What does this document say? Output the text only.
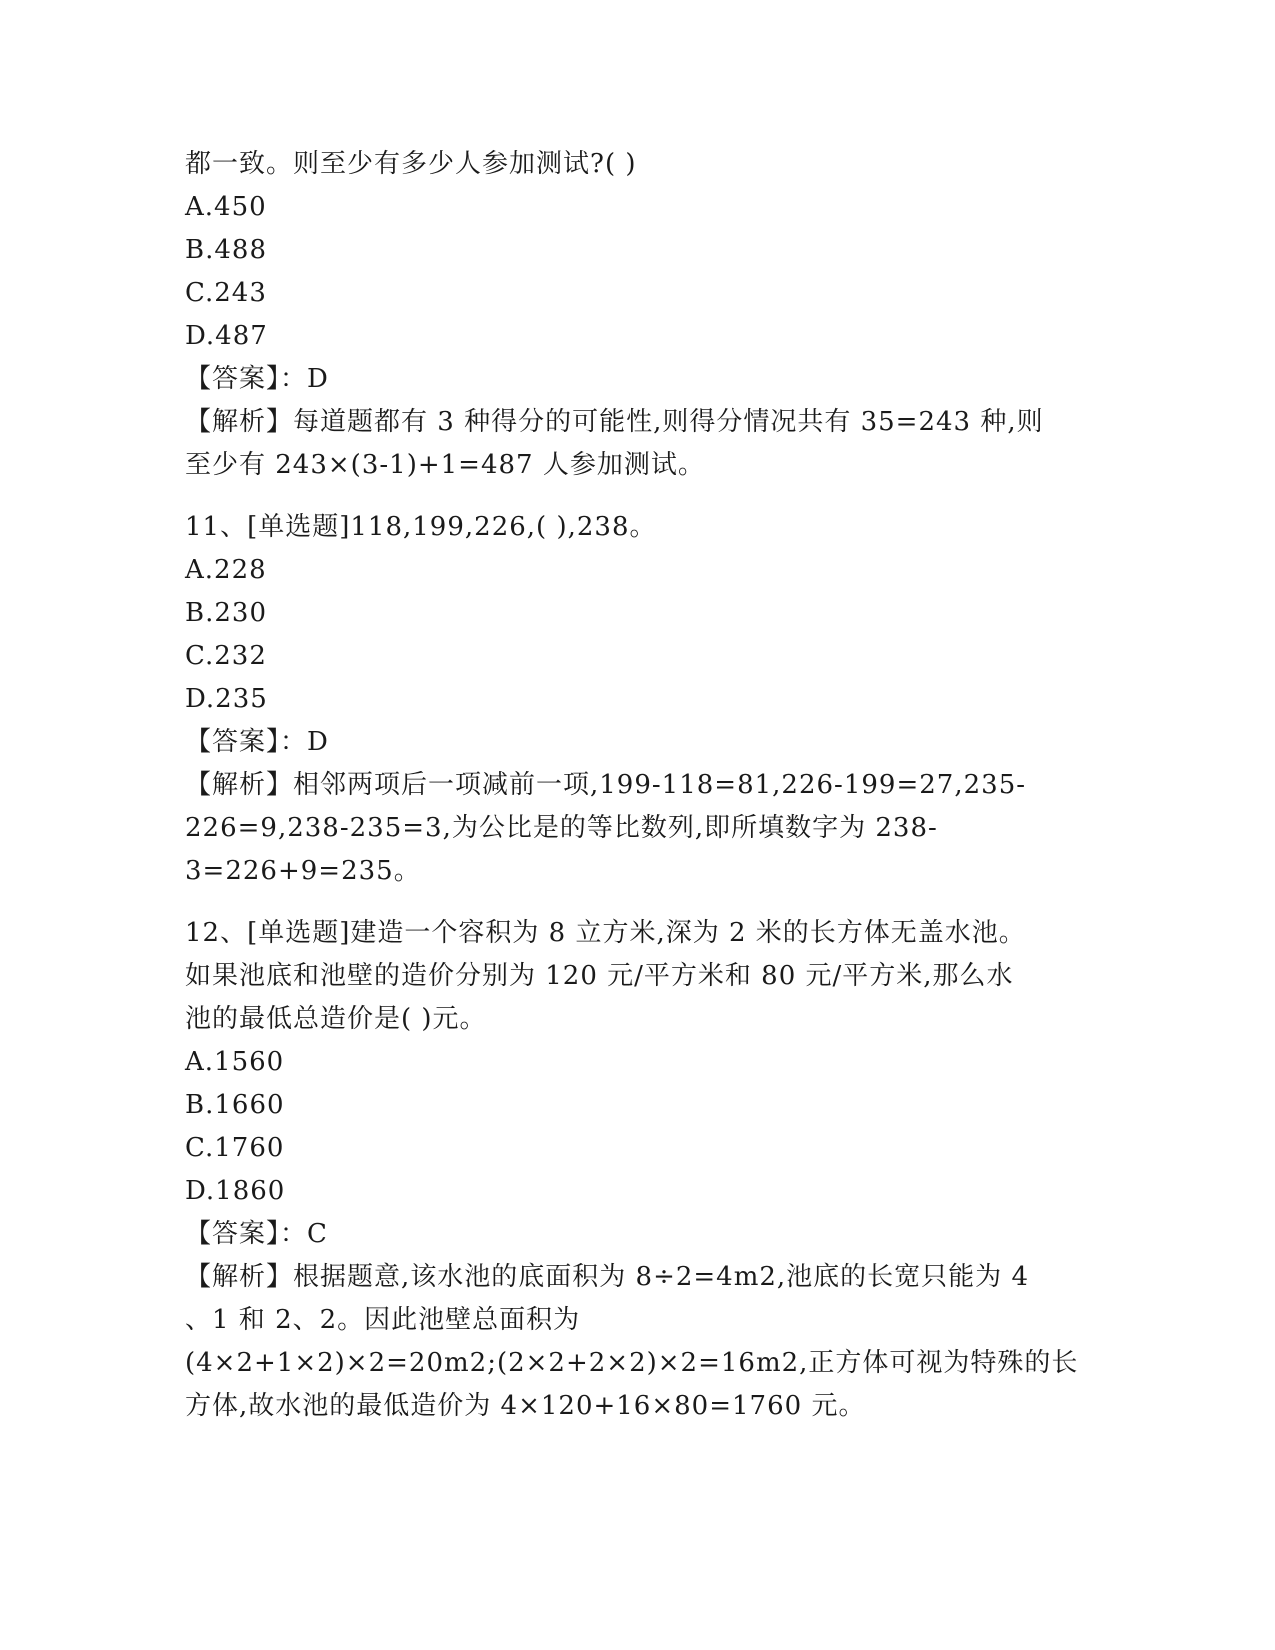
都一致。则至少有多少人参加测试?( )
A.450
B.488
C.243
D.487
【答案】：D
【解析】每道题都有 3 种得分的可能性,则得分情况共有 35=243 种,则
至少有 243×(3-1)+1=487 人参加测试。
11、[单选题]118,199,226,( ),238。
A.228
B.230
C.232
D.235
【答案】：D
【解析】相邻两项后一项减前一项,199-118=81,226-199=27,235-
226=9,238-235=3,为公比是的等比数列,即所填数字为 238-
3=226+9=235。
12、[单选题]建造一个容积为 8 立方米,深为 2 米的长方体无盖水池。
如果池底和池壁的造价分别为 120 元/平方米和 80 元/平方米,那么水
池的最低总造价是( )元。
A.1560
B.1660
C.1760
D.1860
【答案】：C
【解析】根据题意,该水池的底面积为 8÷2=4m2,池底的长宽只能为 4
、1 和 2、2。因此池壁总面积为
(4×2+1×2)×2=20m2;(2×2+2×2)×2=16m2,正方体可视为特殊的长
方体,故水池的最低造价为 4×120+16×80=1760 元。
